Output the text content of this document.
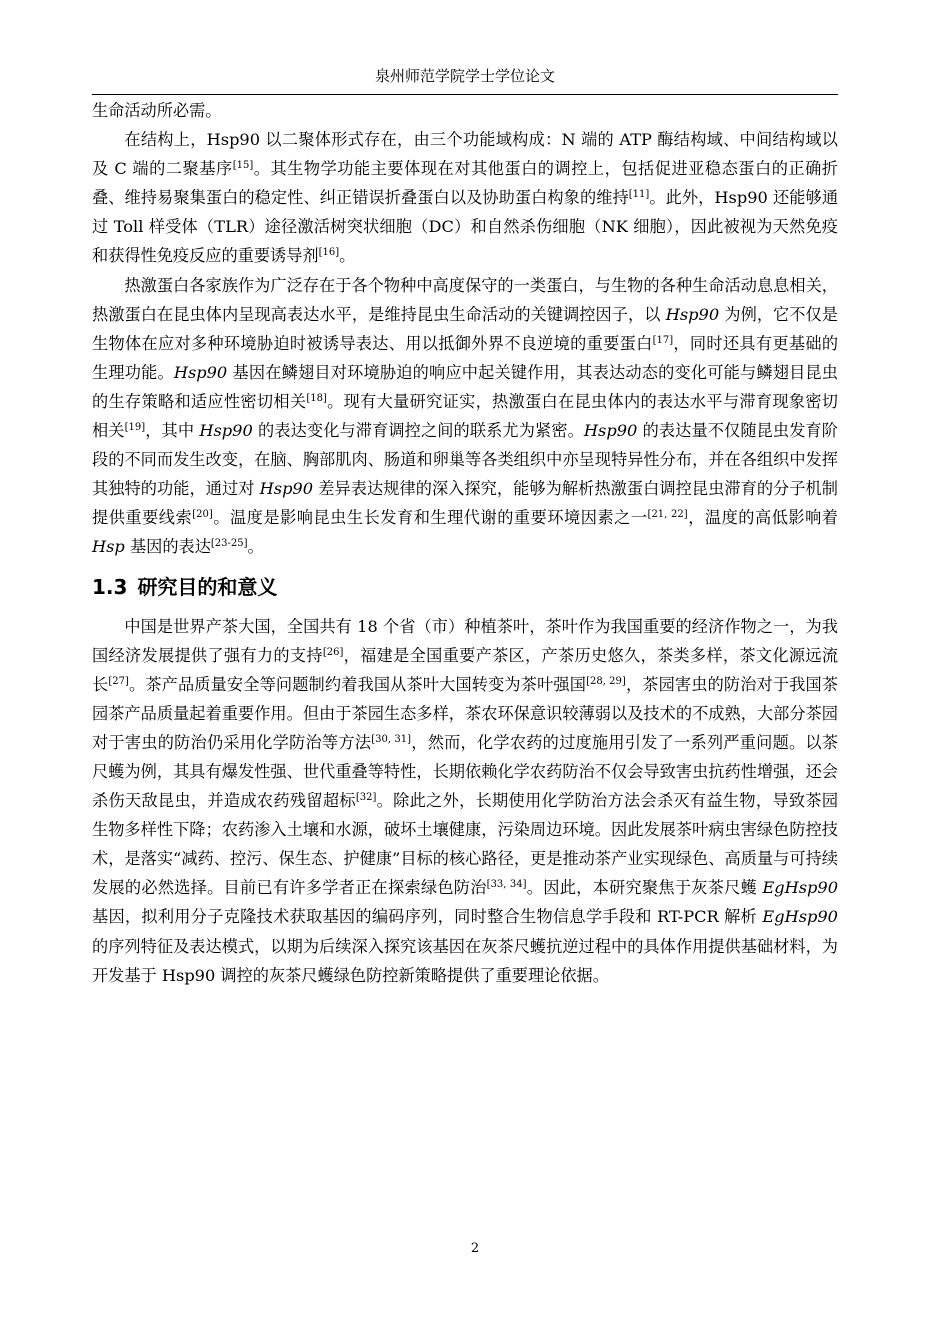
泉州师范学院学士学位论文

生命活动所必需。

在结构上，Hsp90 以二聚体形式存在，由三个功能域构成：N 端的 ATP 酶结构域、中间结构域以及 C 端的二聚基序[15]。其生物学功能主要体现在对其他蛋白的调控上，包括促进亚稳态蛋白的正确折叠、维持易聚集蛋白的稳定性、纠正错误折叠蛋白以及协助蛋白构象的维持[11]。此外，Hsp90 还能够通过 Toll 样受体（TLR）途径激活树突状细胞（DC）和自然杀伤细胞（NK 细胞），因此被视为天然免疫和获得性免疫反应的重要诱导剂[16]。

热激蛋白各家族作为广泛存在于各个物种中高度保守的一类蛋白，与生物的各种生命活动息息相关，热激蛋白在昆虫体内呈现高表达水平，是维持昆虫生命活动的关键调控因子，以 Hsp90 为例，它不仅是生物体在应对多种环境胁迫时被诱导表达、用以抵御外界不良逆境的重要蛋白[17]，同时还具有更基础的生理功能。Hsp90 基因在鳞翅目对环境胁迫的响应中起关键作用，其表达动态的变化可能与鳞翅目昆虫的生存策略和适应性密切相关[18]。现有大量研究证实，热激蛋白在昆虫体内的表达水平与滞育现象密切相关[19]，其中 Hsp90 的表达变化与滞育调控之间的联系尤为紧密。Hsp90 的表达量不仅随昆虫发育阶段的不同而发生改变，在脑、胸部肌肉、肠道和卵巢等各类组织中亦呈现特异性分布，并在各组织中发挥其独特的功能，通过对 Hsp90 差异表达规律的深入探究，能够为解析热激蛋白调控昆虫滞育的分子机制提供重要线索[20]。温度是影响昆虫生长发育和生理代谢的重要环境因素之一[21, 22]，温度的高低影响着 Hsp 基因的表达[23-25]。

1.3 研究目的和意义

中国是世界产茶大国，全国共有 18 个省（市）种植茶叶，茶叶作为我国重要的经济作物之一，为我国经济发展提供了强有力的支持[26]，福建是全国重要产茶区，产茶历史悠久，茶类多样，茶文化源远流长[27]。茶产品质量安全等问题制约着我国从茶叶大国转变为茶叶强国[28, 29]，茶园害虫的防治对于我国茶园茶产品质量起着重要作用。但由于茶园生态多样，茶农环保意识较薄弱以及技术的不成熟，大部分茶园对于害虫的防治仍采用化学防治等方法[30, 31]，然而，化学农药的过度施用引发了一系列严重问题。以茶尺蠖为例，其具有爆发性强、世代重叠等特性，长期依赖化学农药防治不仅会导致害虫抗药性增强，还会杀伤天敌昆虫，并造成农药残留超标[32]。除此之外，长期使用化学防治方法会杀灭有益生物，导致茶园生物多样性下降；农药渗入土壤和水源，破坏土壤健康，污染周边环境。因此发展茶叶病虫害绿色防控技术，是落实“减药、控污、保生态、护健康”目标的核心路径，更是推动茶产业实现绿色、高质量与可持续发展的必然选择。目前已有许多学者正在探索绿色防治[33, 34]。因此，本研究聚焦于灰茶尺蠖 EgHsp90 基因，拟利用分子克隆技术获取基因的编码序列，同时整合生物信息学手段和 RT-PCR 解析 EgHsp90 的序列特征及表达模式，以期为后续深入探究该基因在灰茶尺蠖抗逆过程中的具体作用提供基础材料，为开发基于 Hsp90 调控的灰茶尺蠖绿色防控新策略提供了重要理论依据。

2
